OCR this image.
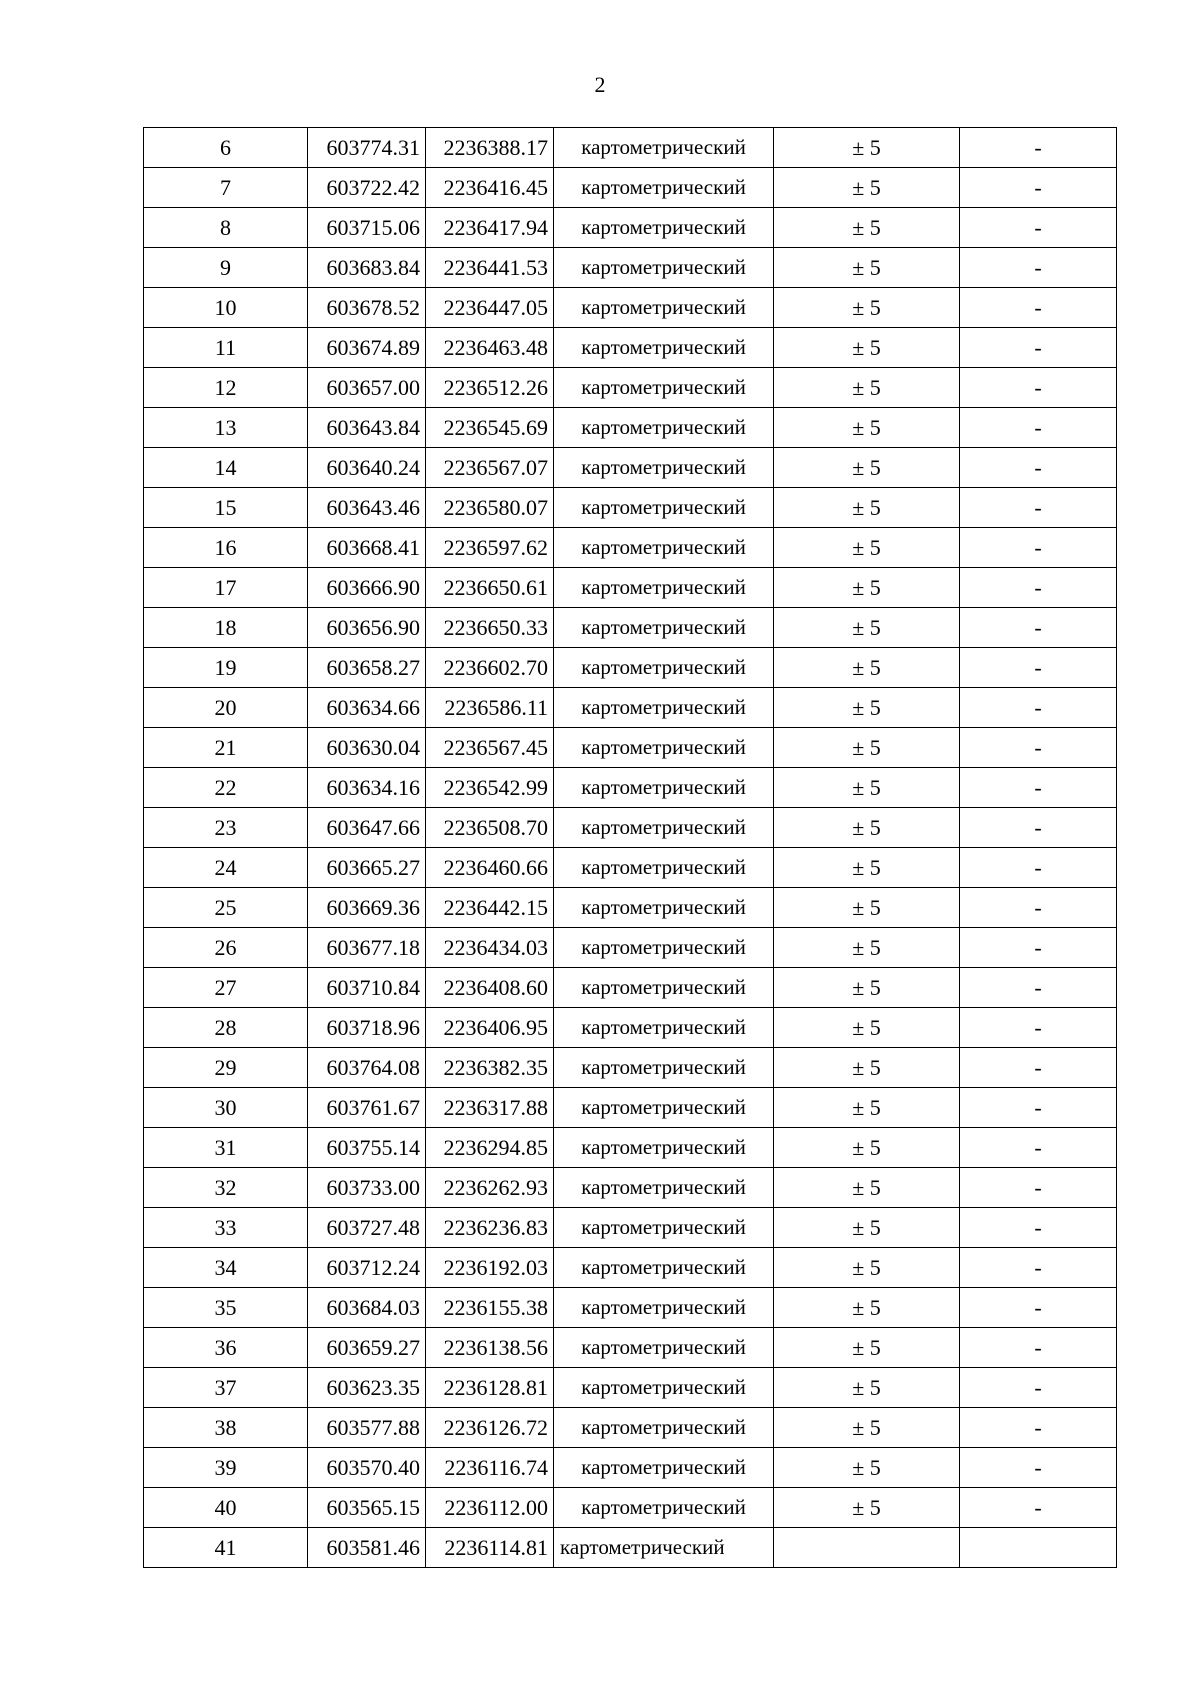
2
6	603774.31	2236388.17	картометрический	± 5	-
7	603722.42	2236416.45	картометрический	± 5	-
8	603715.06	2236417.94	картометрический	± 5	-
9	603683.84	2236441.53	картометрический	± 5	-
10	603678.52	2236447.05	картометрический	± 5	-
11	603674.89	2236463.48	картометрический	± 5	-
12	603657.00	2236512.26	картометрический	± 5	-
13	603643.84	2236545.69	картометрический	± 5	-
14	603640.24	2236567.07	картометрический	± 5	-
15	603643.46	2236580.07	картометрический	± 5	-
16	603668.41	2236597.62	картометрический	± 5	-
17	603666.90	2236650.61	картометрический	± 5	-
18	603656.90	2236650.33	картометрический	± 5	-
19	603658.27	2236602.70	картометрический	± 5	-
20	603634.66	2236586.11	картометрический	± 5	-
21	603630.04	2236567.45	картометрический	± 5	-
22	603634.16	2236542.99	картометрический	± 5	-
23	603647.66	2236508.70	картометрический	± 5	-
24	603665.27	2236460.66	картометрический	± 5	-
25	603669.36	2236442.15	картометрический	± 5	-
26	603677.18	2236434.03	картометрический	± 5	-
27	603710.84	2236408.60	картометрический	± 5	-
28	603718.96	2236406.95	картометрический	± 5	-
29	603764.08	2236382.35	картометрический	± 5	-
30	603761.67	2236317.88	картометрический	± 5	-
31	603755.14	2236294.85	картометрический	± 5	-
32	603733.00	2236262.93	картометрический	± 5	-
33	603727.48	2236236.83	картометрический	± 5	-
34	603712.24	2236192.03	картометрический	± 5	-
35	603684.03	2236155.38	картометрический	± 5	-
36	603659.27	2236138.56	картометрический	± 5	-
37	603623.35	2236128.81	картометрический	± 5	-
38	603577.88	2236126.72	картометрический	± 5	-
39	603570.40	2236116.74	картометрический	± 5	-
40	603565.15	2236112.00	картометрический	± 5	-
41	603581.46	2236114.81	картометрический		
